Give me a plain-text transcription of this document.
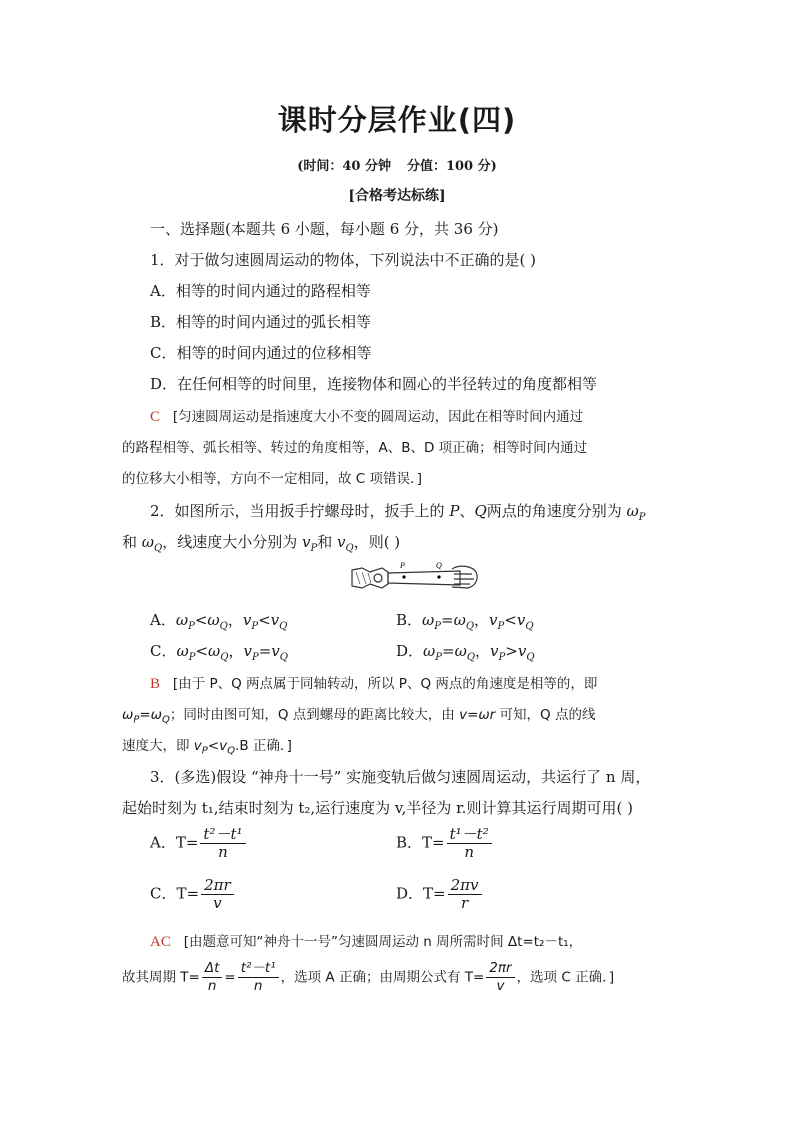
课时分层作业(四)
(时间：40 分钟 分值：100 分)
[合格考达标练]
一、选择题(本题共 6 小题，每小题 6 分，共 36 分)
1．对于做匀速圆周运动的物体，下列说法中不正确的是( )
A．相等的时间内通过的路程相等
B．相等的时间内通过的弧长相等
C．相等的时间内通过的位移相等
D．在任何相等的时间里，连接物体和圆心的半径转过的角度都相等
C [匀速圆周运动是指速度大小不变的圆周运动，因此在相等时间内通过
的路程相等、弧长相等、转过的角度相等，A、B、D 项正确；相等时间内通过
的位移大小相等，方向不一定相同，故 C 项错误．]
2．如图所示，当用扳手拧螺母时，扳手上的 P、Q两点的角速度分别为 $\omega_P$
和 $\omega_Q$，线速度大小分别为 $v_P$和 $v_Q$，则( )
P	Q
A．$\omega_P<\omega_Q$，$v_P<v_Q$	B．$\omega_P=\omega_Q$，$v_P<v_Q$
C．$\omega_P<\omega_Q$，$v_P=v_Q$	D．$\omega_P=\omega_Q$，$v_P>v_Q$
B [由于 P、Q 两点属于同轴转动，所以 P、Q 两点的角速度是相等的，即
$\omega_P=\omega_Q$；同时由图可知，Q 点到螺母的距离比较大，由 v=ωr 可知，Q 点的线
速度大，即 $v_P<v_Q.B$ 正确．]
3．(多选)假设 “神舟十一号” 实施变轨后做匀速圆周运动，共运行了 n 周，
起始时刻为 t₁,结束时刻为 t₂,运行速度为 v,半径为 r.则计算其运行周期可用( )
A．$T= \frac{\text{t²－t¹}}{n}$	B．$T= \frac{\text{t¹－t²}}{n}$
C．$T= \frac{2\pi r}{v}$	D．$T= \frac{2\pi v}{r}$
AC [由题意可知“神舟十一号”匀速圆周运动 n 周所需时间 Δt=t₂－t₁，
故其周期 $T= \frac{\Delta t}{n} = \frac{\text{t²－t¹}}{n}$ ，选项 A 正确；由周期公式有 $T= \frac{2\pi r}{v}$ ，选项 C 正确．]
